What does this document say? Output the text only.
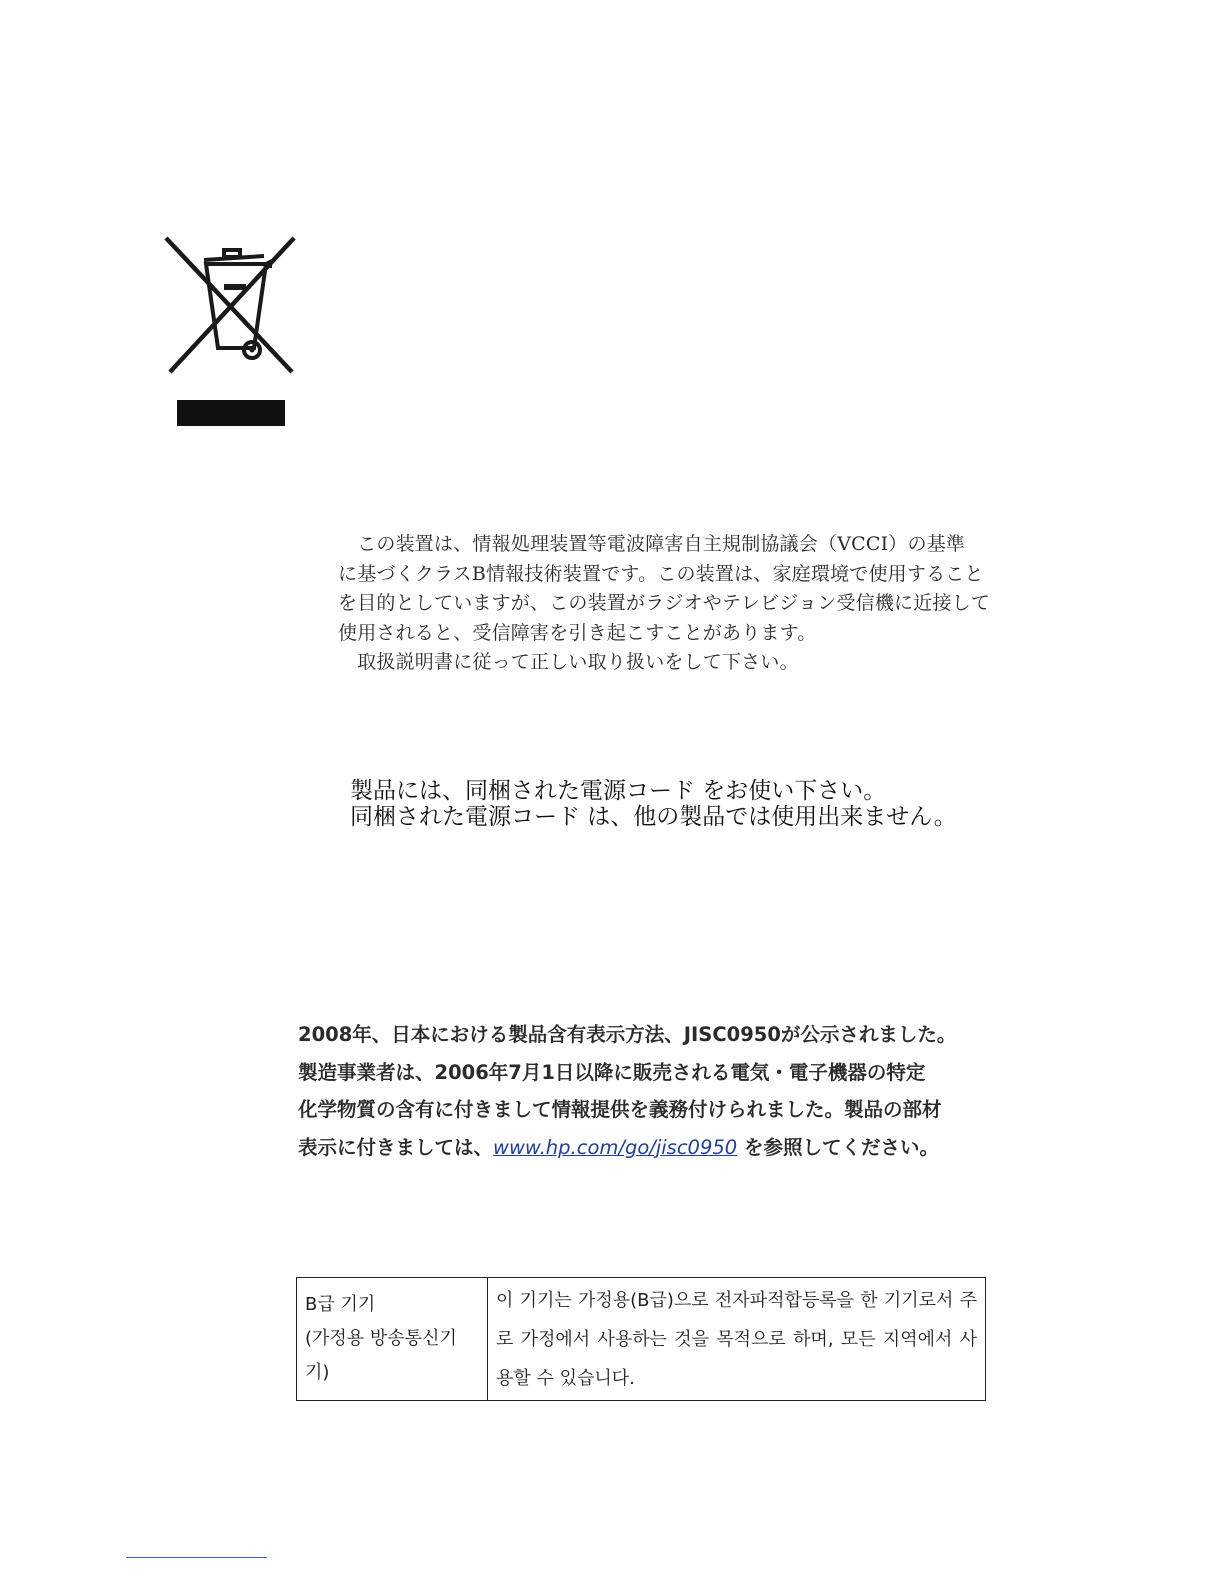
　この装置は、情報処理装置等電波障害自主規制協議会（VCCI）の基準
に基づくクラスB情報技術装置です。この装置は、家庭環境で使用すること
を目的としていますが、この装置がラジオやテレビジョン受信機に近接して
使用されると、受信障害を引き起こすことがあります。
　取扱説明書に従って正しい取り扱いをして下さい。
製品には、同梱された電源コード をお使い下さい。
同梱された電源コード は、他の製品では使用出来ません。
2008年、日本における製品含有表示方法、JISC0950が公示されました。
製造事業者は、2006年7月1日以降に販売される電気・電子機器の特定
化学物質の含有に付きまして情報提供を義務付けられました。製品の部材
表示に付きましては、www.hp.com/go/jisc0950 を参照してください。
B급 기기
(가정용 방송통신기기)
	이 기기는 가정용(B급)으로 전자파적합등록을 한 기기로서 주로 가정에서 사용하는 것을 목적으로 하며, 모든 지역에서 사용할 수 있습니다.
